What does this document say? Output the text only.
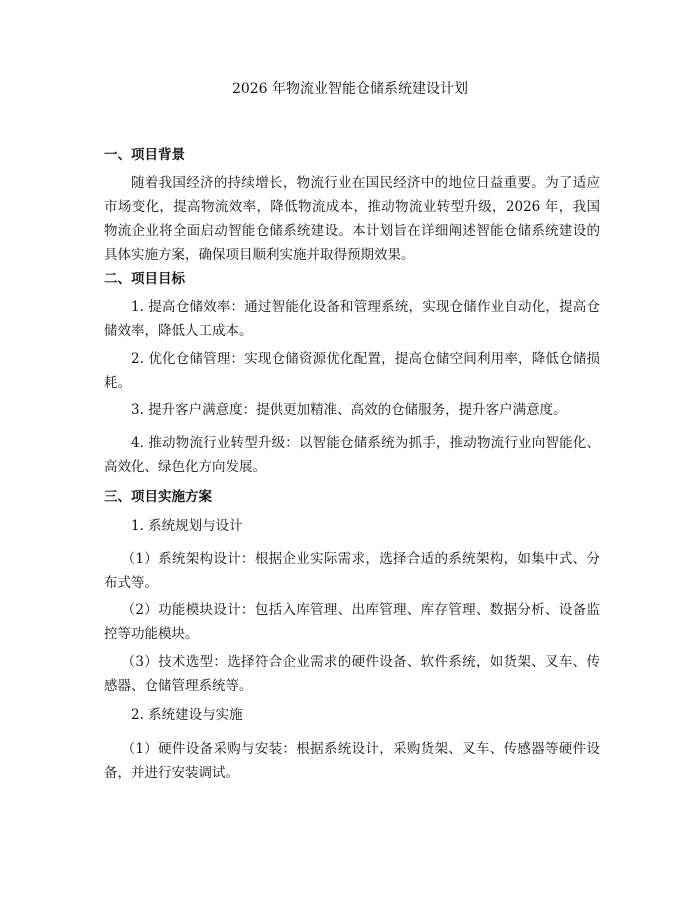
2026 年物流业智能仓储系统建设计划
一、项目背景
随着我国经济的持续增长，物流行业在国民经济中的地位日益重要。为了适应市场变化，提高物流效率，降低物流成本，推动物流业转型升级，2026 年，我国物流企业将全面启动智能仓储系统建设。本计划旨在详细阐述智能仓储系统建设的具体实施方案，确保项目顺利实施并取得预期效果。
二、项目目标
1. 提高仓储效率：通过智能化设备和管理系统，实现仓储作业自动化，提高仓储效率，降低人工成本。
2. 优化仓储管理：实现仓储资源优化配置，提高仓储空间利用率，降低仓储损耗。
3. 提升客户满意度：提供更加精准、高效的仓储服务，提升客户满意度。
4. 推动物流行业转型升级：以智能仓储系统为抓手，推动物流行业向智能化、高效化、绿色化方向发展。
三、项目实施方案
1. 系统规划与设计
（1）系统架构设计：根据企业实际需求，选择合适的系统架构，如集中式、分布式等。
（2）功能模块设计：包括入库管理、出库管理、库存管理、数据分析、设备监控等功能模块。
（3）技术选型：选择符合企业需求的硬件设备、软件系统，如货架、叉车、传感器、仓储管理系统等。
2. 系统建设与实施
（1）硬件设备采购与安装：根据系统设计，采购货架、叉车、传感器等硬件设备，并进行安装调试。
